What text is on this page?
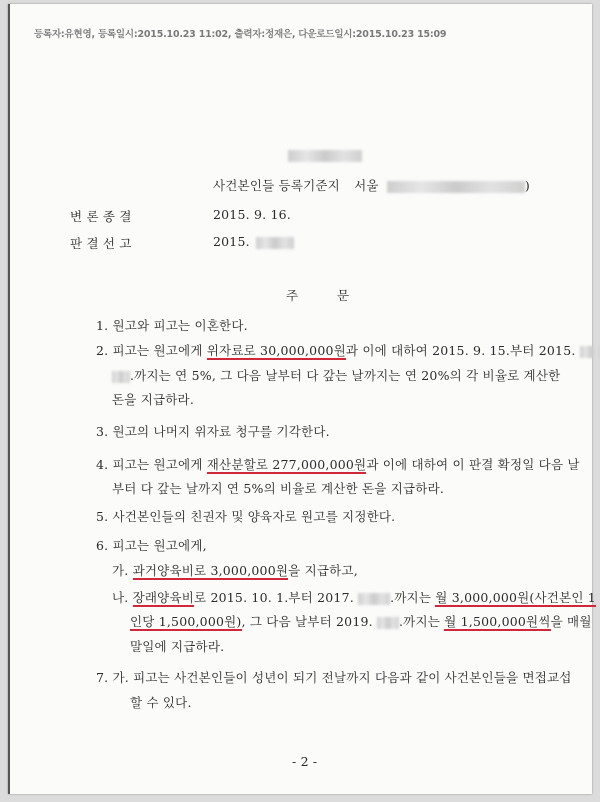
등록자:유현영, 등록일시:2015.10.23 11:02, 출력자:정재은, 다운로드일시:2015.10.23 15:09
사건본인들 등록기준지 서울	)
변 론 종 결	2015. 9. 16.
판 결 선 고	2015.
주	문
1. 원고와 피고는 이혼한다.
2. 피고는 원고에게 위자료로 30,000,000원과 이에 대하여 2015. 9. 15.부터 2015.
.까지는 연 5%, 그 다음 날부터 다 갚는 날까지는 연 20%의 각 비율로 계산한
돈을 지급하라.
3. 원고의 나머지 위자료 청구를 기각한다.
4. 피고는 원고에게 재산분할로 277,000,000원과 이에 대하여 이 판결 확정일 다음 날
부터 다 갚는 날까지 연 5%의 비율로 계산한 돈을 지급하라.
5. 사건본인들의 친권자 및 양육자로 원고를 지정한다.
6. 피고는 원고에게,
가. 과거양육비로 3,000,000원을 지급하고,
나. 장래양육비로 2015. 10. 1.부터 2017.	.까지는 월 3,000,000원(사건본인 1
인당 1,500,000원), 그 다음 날부터 2019. .까지는 월 1,500,000원씩을 매월
말일에 지급하라.
7. 가. 피고는 사건본인들이 성년이 되기 전날까지 다음과 같이 사건본인들을 면접교섭
할 수 있다.
- 2 -
